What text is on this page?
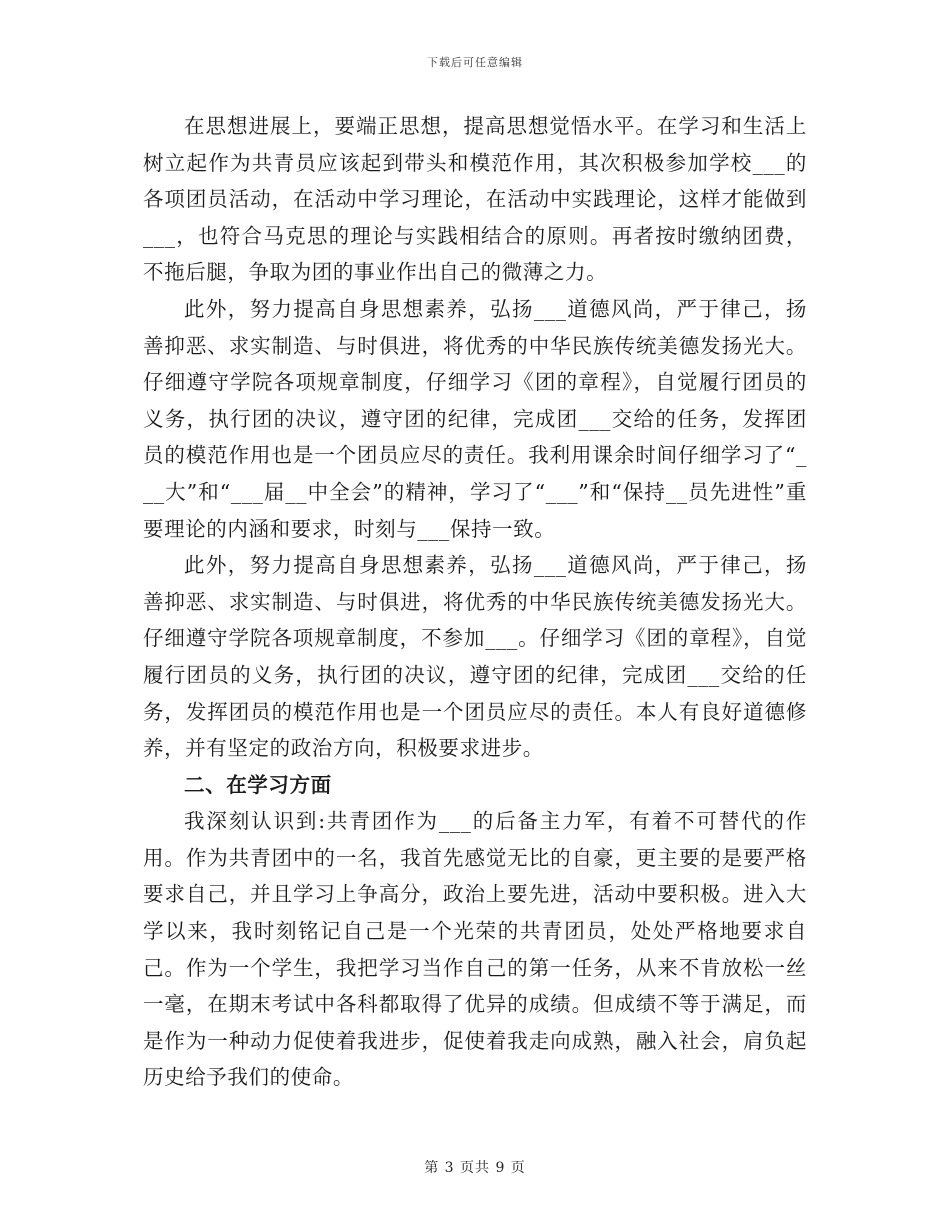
下载后可任意编辑

在思想进展上，要端正思想，提高思想觉悟水平。在学习和生活上树立起作为共青员应该起到带头和模范作用，其次积极参加学校___的各项团员活动，在活动中学习理论，在活动中实践理论，这样才能做到___，也符合马克思的理论与实践相结合的原则。再者按时缴纳团费，不拖后腿，争取为团的事业作出自己的微薄之力。

此外，努力提高自身思想素养，弘扬___道德风尚，严于律己，扬善抑恶、求实制造、与时俱进，将优秀的中华民族传统美德发扬光大。仔细遵守学院各项规章制度，仔细学习《团的章程》，自觉履行团员的义务，执行团的决议，遵守团的纪律，完成团___交给的任务，发挥团员的模范作用也是一个团员应尽的责任。我利用课余时间仔细学习了“___大”和“___届__中全会”的精神，学习了“___”和“保持__员先进性”重要理论的内涵和要求，时刻与___保持一致。

此外，努力提高自身思想素养，弘扬___道德风尚，严于律己，扬善抑恶、求实制造、与时俱进，将优秀的中华民族传统美德发扬光大。仔细遵守学院各项规章制度，不参加___。仔细学习《团的章程》，自觉履行团员的义务，执行团的决议，遵守团的纪律，完成团___交给的任务，发挥团员的模范作用也是一个团员应尽的责任。本人有良好道德修养，并有坚定的政治方向，积极要求进步。

二、在学习方面

我深刻认识到:共青团作为___的后备主力军，有着不可替代的作用。作为共青团中的一名，我首先感觉无比的自豪，更主要的是要严格要求自己，并且学习上争高分，政治上要先进，活动中要积极。进入大学以来，我时刻铭记自己是一个光荣的共青团员，处处严格地要求自己。作为一个学生，我把学习当作自己的第一任务，从来不肯放松一丝一毫，在期末考试中各科都取得了优异的成绩。但成绩不等于满足，而是作为一种动力促使着我进步，促使着我走向成熟，融入社会，肩负起历史给予我们的使命。

第 3 页共 9 页
